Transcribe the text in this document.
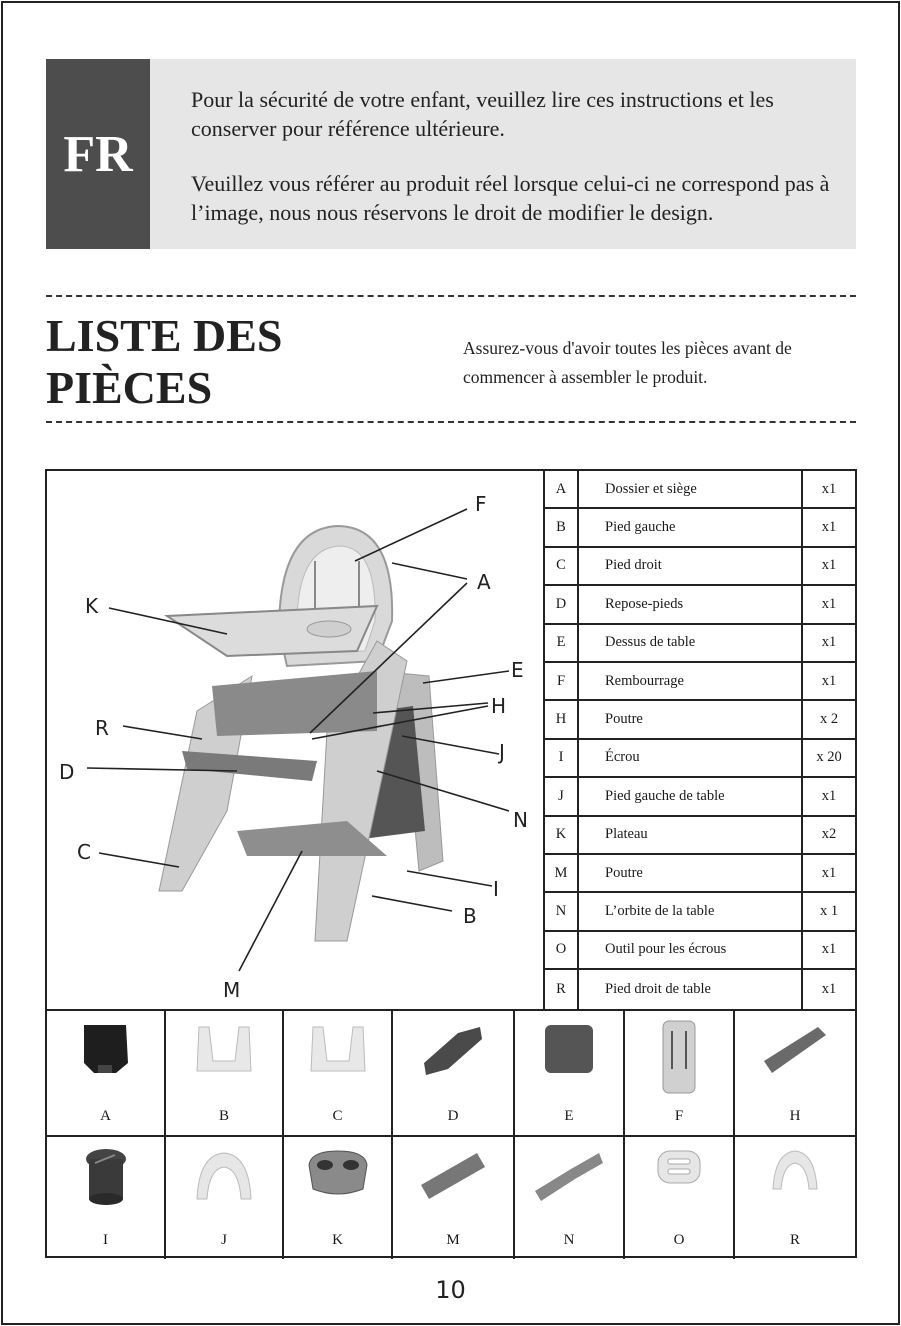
FR

Pour la sécurité de votre enfant, veuillez lire ces instructions et les conserver pour référence ultérieure.

Veuillez vous référer au produit réel lorsque celui-ci ne correspond pas à l’image, nous nous réservons le droit de modifier le design.

LISTE DES
PIÈCES
Assurez-vous d'avoir toutes les pièces avant de commencer à assembler le produit.
F
A
K
E
H
R
J
D
N
C
I
B
M
A	Dossier et siège	x1
B	Pied gauche	x1
C	Pied droit	x1
D	Repose-pieds	x1
E	Dessus de table	x1
F	Rembourrage	x1
H	Poutre	x 2
I	Écrou	x 20
J	Pied gauche de table	x1
K	Plateau	x2
M	Poutre	x1
N	L’orbite de la table	x 1
O	Outil pour les écrous	x1
R	Pied droit de table	x1
A	B	C	D	E	F	H
I	J	K	M	N	O	R
10
